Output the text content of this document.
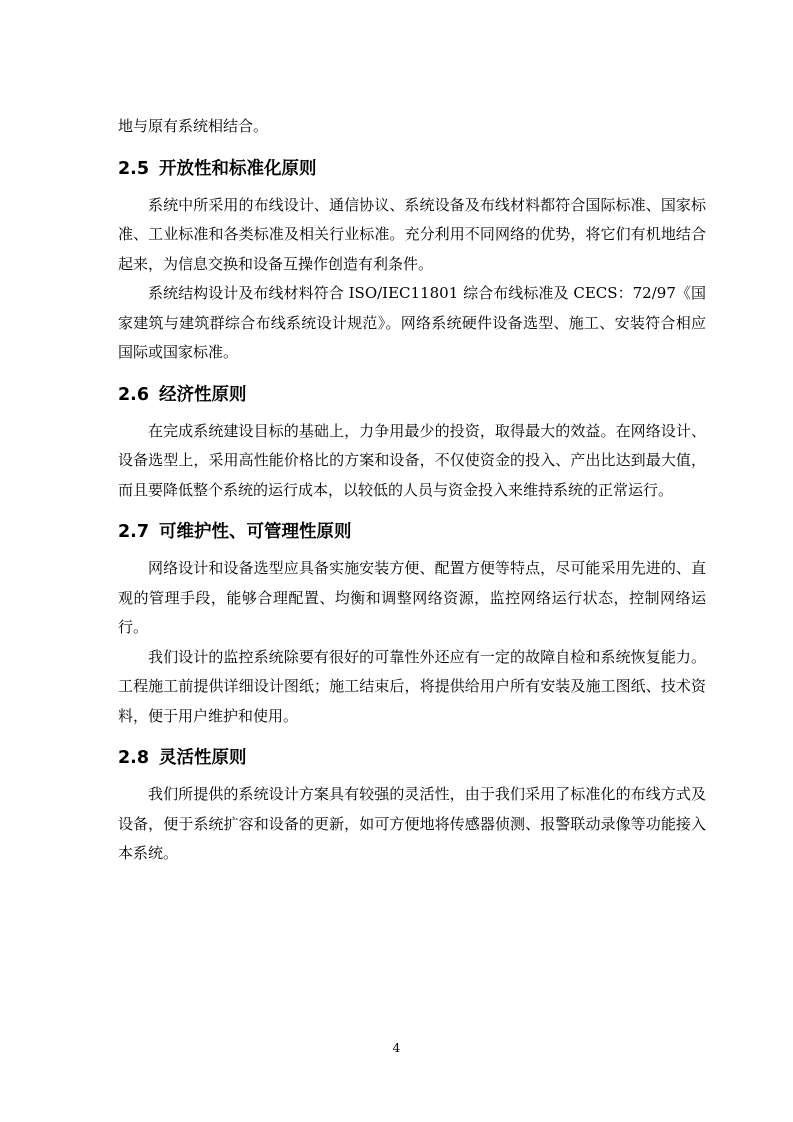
地与原有系统相结合。

2.5 开放性和标准化原则

系统中所采用的布线设计、通信协议、系统设备及布线材料都符合国际标准、国家标准、工业标准和各类标准及相关行业标准。充分利用不同网络的优势，将它们有机地结合起来，为信息交换和设备互操作创造有利条件。

系统结构设计及布线材料符合 ISO/IEC11801 综合布线标准及 CECS：72/97《国家建筑与建筑群综合布线系统设计规范》。网络系统硬件设备选型、施工、安装符合相应国际或国家标准。

2.6 经济性原则

在完成系统建设目标的基础上，力争用最少的投资，取得最大的效益。在网络设计、设备选型上，采用高性能价格比的方案和设备，不仅使资金的投入、产出比达到最大值，而且要降低整个系统的运行成本，以较低的人员与资金投入来维持系统的正常运行。

2.7 可维护性、可管理性原则

网络设计和设备选型应具备实施安装方便、配置方便等特点，尽可能采用先进的、直观的管理手段，能够合理配置、均衡和调整网络资源，监控网络运行状态，控制网络运行。

我们设计的监控系统除要有很好的可靠性外还应有一定的故障自检和系统恢复能力。工程施工前提供详细设计图纸；施工结束后，将提供给用户所有安装及施工图纸、技术资料，便于用户维护和使用。

2.8 灵活性原则

我们所提供的系统设计方案具有较强的灵活性，由于我们采用了标准化的布线方式及设备，便于系统扩容和设备的更新，如可方便地将传感器侦测、报警联动录像等功能接入本系统。

4
